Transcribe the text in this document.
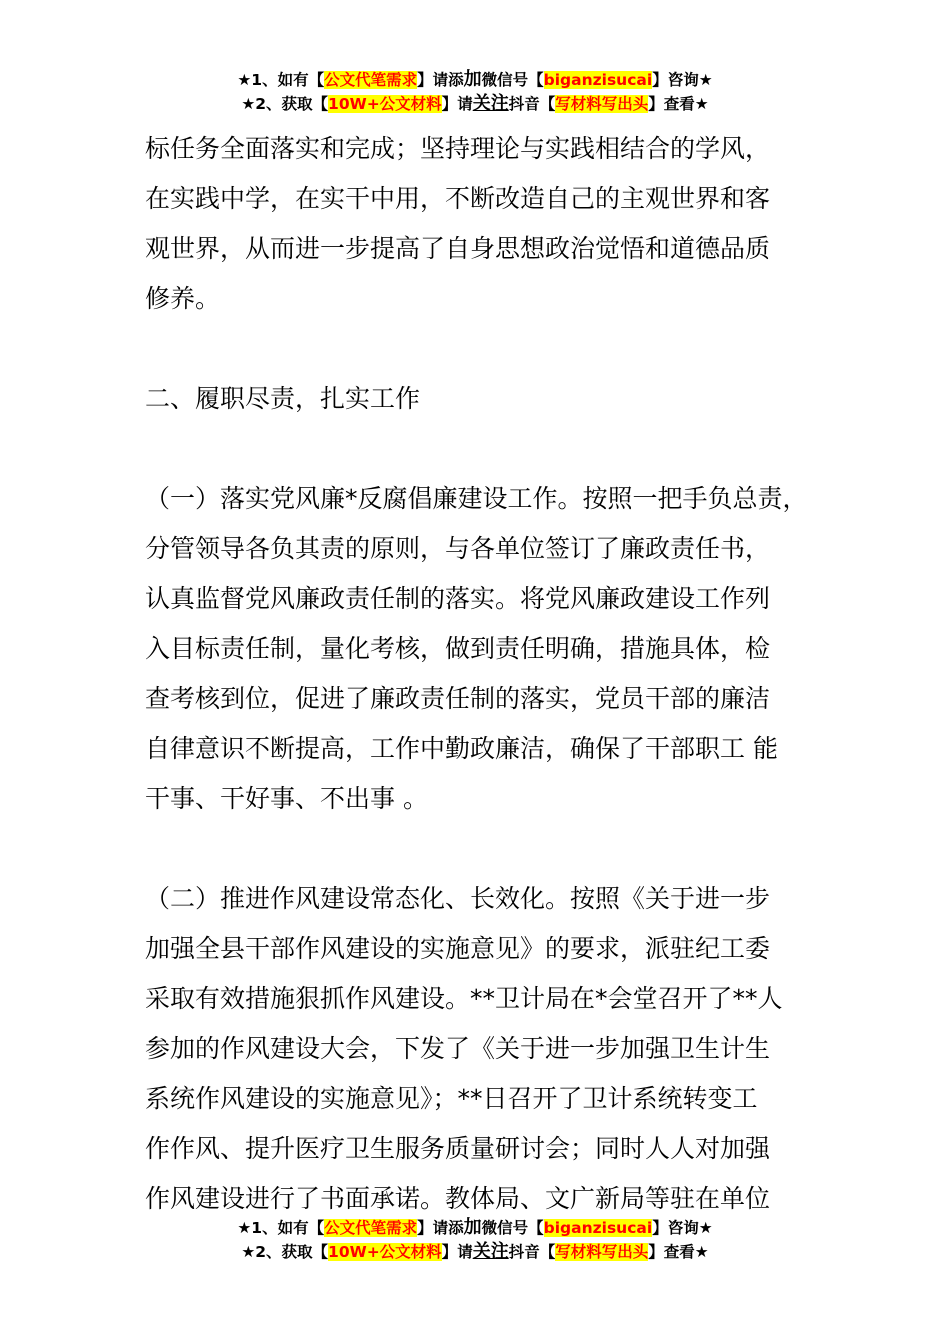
★1、如有【公文代笔需求】请添加微信号【biganzisucai】咨询★
★2、获取【10W+公文材料】请关注抖音【写材料写出头】查看★

标任务全面落实和完成；坚持理论与实践相结合的学风，
在实践中学，在实干中用，不断改造自己的主观世界和客
观世界，从而进一步提高了自身思想政治觉悟和道德品质
修养。

二、履职尽责，扎实工作

（一）落实党风廉*反腐倡廉建设工作。按照一把手负总责，
分管领导各负其责的原则，与各单位签订了廉政责任书，
认真监督党风廉政责任制的落实。将党风廉政建设工作列
入目标责任制，量化考核，做到责任明确，措施具体，检
查考核到位，促进了廉政责任制的落实，党员干部的廉洁
自律意识不断提高，工作中勤政廉洁，确保了干部职工 能
干事、干好事、不出事 。

（二）推进作风建设常态化、长效化。按照《关于进一步
加强全县干部作风建设的实施意见》的要求，派驻纪工委
采取有效措施狠抓作风建设。**卫计局在*会堂召开了**人
参加的作风建设大会，下发了《关于进一步加强卫生计生
系统作风建设的实施意见》；**日召开了卫计系统转变工
作作风、提升医疗卫生服务质量研讨会；同时人人对加强
作风建设进行了书面承诺。教体局、文广新局等驻在单位

★1、如有【公文代笔需求】请添加微信号【biganzisucai】咨询★
★2、获取【10W+公文材料】请关注抖音【写材料写出头】查看★
